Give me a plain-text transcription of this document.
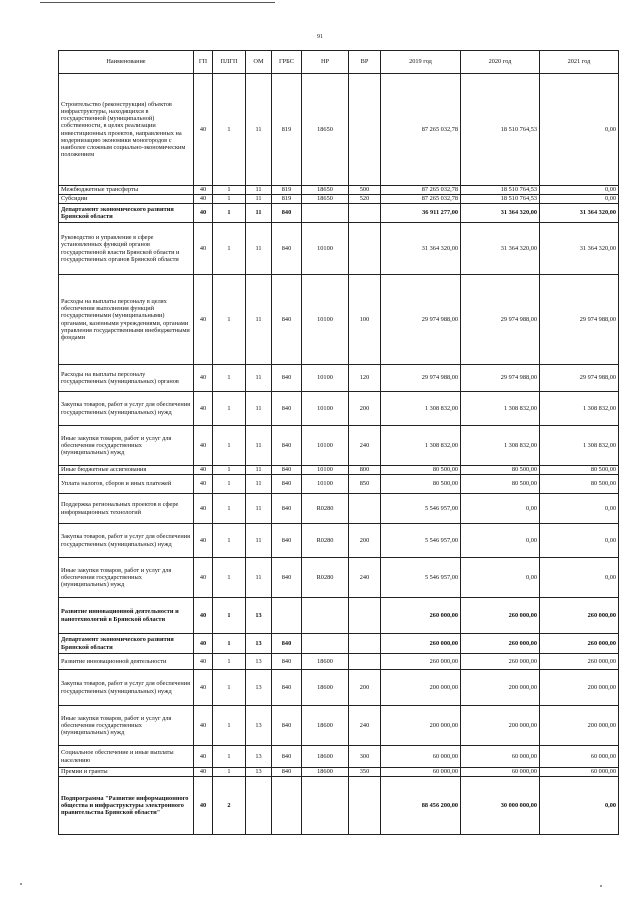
91
Наименование	ГП	ПЛГП	ОМ	ГРБС	НР	ВР	2019 год	2020 год	2021 год
Строительство (реконструкция) объектов инфраструктуры, находящихся в государственной (муниципальной) собственности, в целях реализации инвестиционных проектов, направленных на модернизацию экономики моногородов с наиболее сложным социально-экономическим положением	40	1	11	819	18650		87 265 032,78	18 510 764,53	0,00
Межбюджетные трансферты	40	1	11	819	18650	500	87 265 032,78	18 510 764,53	0,00
Субсидии	40	1	11	819	18650	520	87 265 032,78	18 510 764,53	0,00
Департамент экономического развития Брянской области	40	1	11	840			36 911 277,00	31 364 320,00	31 364 320,00
Руководство и управление в сфере установленных функций органов государственной власти Брянской области и государственных органов Брянской области	40	1	11	840	10100		31 364 320,00	31 364 320,00	31 364 320,00
Расходы на выплаты персоналу в целях обеспечения выполнения функций государственными (муниципальными) органами, казенными учреждениями, органами управления государственными внебюджетными фондами	40	1	11	840	10100	100	29 974 988,00	29 974 988,00	29 974 988,00
Расходы на выплаты персоналу государственных (муниципальных) органов	40	1	11	840	10100	120	29 974 988,00	29 974 988,00	29 974 988,00
Закупка товаров, работ и услуг для обеспечения государственных (муниципальных) нужд	40	1	11	840	10100	200	1 308 832,00	1 308 832,00	1 308 832,00
Иные закупки товаров, работ и услуг для обеспечения государственных (муниципальных) нужд	40	1	11	840	10100	240	1 308 832,00	1 308 832,00	1 308 832,00
Иные бюджетные ассигнования	40	1	11	840	10100	800	80 500,00	80 500,00	80 500,00
Уплата налогов, сборов и иных платежей	40	1	11	840	10100	850	80 500,00	80 500,00	80 500,00
Поддержка региональных проектов в сфере информационных технологий	40	1	11	840	R0280		5 546 957,00	0,00	0,00
Закупка товаров, работ и услуг для обеспечения государственных (муниципальных) нужд	40	1	11	840	R0280	200	5 546 957,00	0,00	0,00
Иные закупки товаров, работ и услуг для обеспечения государственных (муниципальных) нужд	40	1	11	840	R0280	240	5 546 957,00	0,00	0,00
Развитие инновационной деятельности и нанотехнологий в Брянской области	40	1	13				260 000,00	260 000,00	260 000,00
Департамент экономического развития Брянской области	40	1	13	840			260 000,00	260 000,00	260 000,00
Развитие инновационной деятельности	40	1	13	840	18600		260 000,00	260 000,00	260 000,00
Закупка товаров, работ и услуг для обеспечения государственных (муниципальных) нужд	40	1	13	840	18600	200	200 000,00	200 000,00	200 000,00
Иные закупки товаров, работ и услуг для обеспечения государственных (муниципальных) нужд	40	1	13	840	18600	240	200 000,00	200 000,00	200 000,00
Социальное обеспечение и иные выплаты населению	40	1	13	840	18600	300	60 000,00	60 000,00	60 000,00
Премии и гранты	40	1	13	840	18600	350	60 000,00	60 000,00	60 000,00
Подпрограмма "Развитие информационного общества и инфраструктуры электронного правительства Брянской области"	40	2					88 456 200,00	30 000 000,00	0,00
